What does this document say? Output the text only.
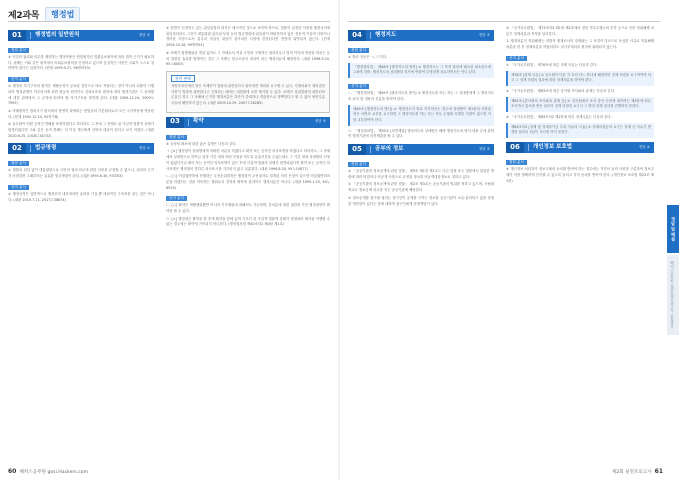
제2과목	행정법
01	행정법의 일반원칙	정답 ③
정답 분석
③ 국민의 권리와 의무를 제한하는 행정작용은 헌법원칙인 법률유보원칙에 따라 법적 근거가 필요하다. 판례는 이와 같은 취지에서 의회유보원칙을 인정하고 있으며 본질적인 사항은 국회가 스스로 정하여야 한다는 입장이다. (헌재 1999.5.27, 98헌바70)
선지 분석
① 행정의 자기구속의 원칙은 재량준칙이 공표된 것만으로 바로 적용되는 것이 아니라 되풀이 시행되어 행정관행이 이루어지게 되면 평등의 원칙이나 신뢰보호의 원칙에 따라 행정기관은 그 상대방에 대한 관계에서 그 규칙에 따라야 할 자기구속을 당하게 된다. (대판 2009.12.24, 2009두7967)
② 비례원칙은 법치국가 원리에서 당연히 파생되는 헌법상의 기본원리로서 모든 국가작용에 적용된다. (헌재 1992.12.24, 92헌가8)
④ 공무원이 어떤 공적인 견해를 표명하였다고 하더라도 그 후에 그 전제로 된 사실적·법률적 상태가 변경되었다면 그와 같은 공적 견해는 더 이상 개인에게 신뢰의 대상이 된다고 보기 어렵다. (대판 2020.6.25, 2018두34732)
02	법규명령	정답 ①
정답 분석
① 법률의 위임 없이 대통령령으로 국민의 권리·의무에 관한 사항을 규정할 수 없으나, 위임의 근거가 마련되면 그때부터는 유효한 법규명령이 된다. (대판 1995.6.30, 93추83)
선지 분석
② 행정규칙은 일반적으로 행정조직 내부에서만 효력을 가질 뿐 대외적인 구속력을 갖는 것은 아니다. (대판 2019.7.11, 2017두38874)
③ 헌법이 인정하고 있는 위임입법의 형식은 예시적인 것으로 보아야 하므로, 법률이 일정한 사항을 행정규칙에 위임하더라도 그것이 대통령령·총리령·부령 등의 법규명령에 위임함이 바람직하지 않은 전문적·기술적 사항이나 경미한 사항으로서 업무의 성질상 위임이 불가피한 사항에 한정된다면 헌법에 위반되지 않는다. (헌재 2004.10.28, 99헌바91)
④ 조례가 집행행위의 개입 없이도 그 자체로서 직접 국민의 구체적인 권리의무나 법적 이익에 영향을 미치는 등의 법률상 효과를 발생하는 경우 그 조례는 항고소송의 대상이 되는 행정처분에 해당한다. (대판 1996.9.20, 95누8003)
관련 판례
지방자치단체의 장은 조례안이 법령에 위반된다고 판단되면 재의를 요구할 수 있고, 지방의회가 재의결한 사항이 법령에 위반된다고 인정되는 때에는 대법원에 소를 제기할 수 있다. 조례가 상위법령에 위반되어 무효인 경우 그 조례에 근거한 행정처분은 하자가 중대하나 객관적으로 명백하다고 할 수 없어 당연무효 사유에 해당하지 않는다. (대판 2009.10.29, 2007두26285)
03	확약	정답 ③
정답 분석
③ 공정성 확보에 대한 옳은 설명은 다음과 같다.
ㄱ. [×] 행정청이 상대방에게 어떠한 처분을 하겠다고 확약 또는 공적인 의사표명을 하였다고 하더라도, 그 자체에서 상대방으로 하여금 일정 기간 내에 어떤 신청을 하도록 유효기간을 두었는데도 그 기간 내에 상대방의 신청이 없었다거나 확약 또는 공적인 의사표명이 있은 후에 사실적·법률적 상태가 변경되었다면 확약 또는 공적인 의사표명은 행정청의 별다른 의사표시를 기다리지 않고 실효된다. (대판 1996.8.20, 95누10877)
ㄴ. [○] 어업권면허에 선행하는 우선순위결정은 행정청이 우선권자로 결정된 자의 신청이 있으면 어업권면허처분을 하겠다는 것을 약속하는 행위로서 강학상 확약에 불과하고 행정처분은 아니다. (대판 1995.1.20, 94누6529)
선지 분석
ㄷ. [○] 확약은 재량행위뿐만 아니라 기속행위에 대해서도 가능하며, 본처분에 대한 권한을 가진 행정청만이 확약을 할 수 있다.
ㄹ. [×] 행정청은 확약을 한 후에 확약을 함에 있어 기초가 된 사실적·법률적 상태가 변경되어 확약을 이행할 수 없는 경우에는 확약에 기속되지 아니한다. (행정절차법 제40조의2 제4항 제1호)
60 해커스공무원 gosi.Hackers.com
04	행정지도	정답 ②
정답 분석
② 틀린 지문은 ㄱ, ㄷ이다.
「행정절차법」 제48조 [행정지도의 원칙] ① 행정지도는 그 목적 달성에 필요한 최소한도에 그쳐야 하며, 행정지도의 상대방의 의사에 반하여 부당하게 강요하여서는 아니 된다.
선지 분석
ㄴ. 「행정절차법」 제49조 [행정지도의 방식] ① 행정지도를 하는 자는 그 상대방에게 그 행정지도의 취지 및 내용과 신분을 밝혀야 한다.
제49조 [행정지도의 방식] ② 행정지도가 말로 이루어지는 경우에 상대방이 제1항의 사항을 적은 서면의 교부를 요구하면 그 행정지도를 하는 자는 직무 수행에 특별한 지장이 없으면 이를 교부하여야 한다.
ㄹ. 「행정절차법」 제50조 [의견제출] 행정지도의 상대방은 해당 행정지도의 방식·내용 등에 관하여 행정기관에 의견제출을 할 수 있다.
05	공부의 정보	정답 ②
정답 분석
② 「공공기관의 정보공개에 관한 법률」 제9조 제1항 제1호는 다른 법률 또는 법률에서 위임한 명령에 따라 비밀이나 비공개 사항으로 규정된 정보를 비공개대상정보로 정하고 있다.
① 「공공기관의 정보공개에 관한 법률」 제2조 제3호는 공공기관의 범위를 정하고 있으며, 사립대학교도 정보공개 의무를 지는 공공기관에 해당한다.
③ 정보공개를 청구할 권리는 청구인이 공개를 구하는 정보를 공공기관이 보유·관리하고 있을 상당한 개연성이 있다는 점에 대하여 청구인에게 증명책임이 있다.
③ 「국가공무원법」 제73조의3 제1항 제2호에서 정한 직무수행능력 부족 등으로 인한 직위해제 처분은 징계처분과 목적을 달리한다.
1. 행정처분인 직위해제는 징벌적 제재로서의 징계와는 그 성질이 다르므로 동일한 사유로 직위해제 처분을 한 후 징계처분을 하였더라도 일사부재리의 원칙에 위배되지 않는다.
선지 분석
① 「국가공무원법」 제78조에 따른 징계 사유는 다음과 같다.
제78조 [징계 사유] ① 공무원이 다음 각 호의 어느 하나에 해당하면 징계 의결을 요구하여야 하고 그 징계 의결의 결과에 따라 징계처분을 하여야 한다.
② 「국가공무원법」 제83조에 따른 감사원 조사와의 관계는 다음과 같다.
제83조 [감사원의 조사와의 관계 등] ① 감사원에서 조사 중인 사건에 대하여는 제3항에 따른 조사개시 통보를 받은 날부터 징계 의결의 요구나 그 밖의 징계 절차를 진행하지 못한다.
④ 「국가공무원법」 제83조의2 제1항에 따른 징계시효는 다음과 같다.
제83조의2 [징계 및 징계부가금 부과 사유의 시효] ① 징계의결등의 요구는 징계 등 사유가 발생한 날부터 3년이 지나면 하지 못한다.
06	개인정보 보호법	정답 ④
정답 분석
④ 개인정보 처리자가 정보주체의 동의를 받아야 하는 경우에는 각각의 동의 사항을 구분하여 정보주체가 이를 명확하게 인지할 수 있도록 알리고 각각 동의를 받아야 한다. (개인정보 보호법 제22조 제1항)
정답 및 해설
해커스공무원 실전동형모의고사 공통과목
제2회 실전모의고사 61
